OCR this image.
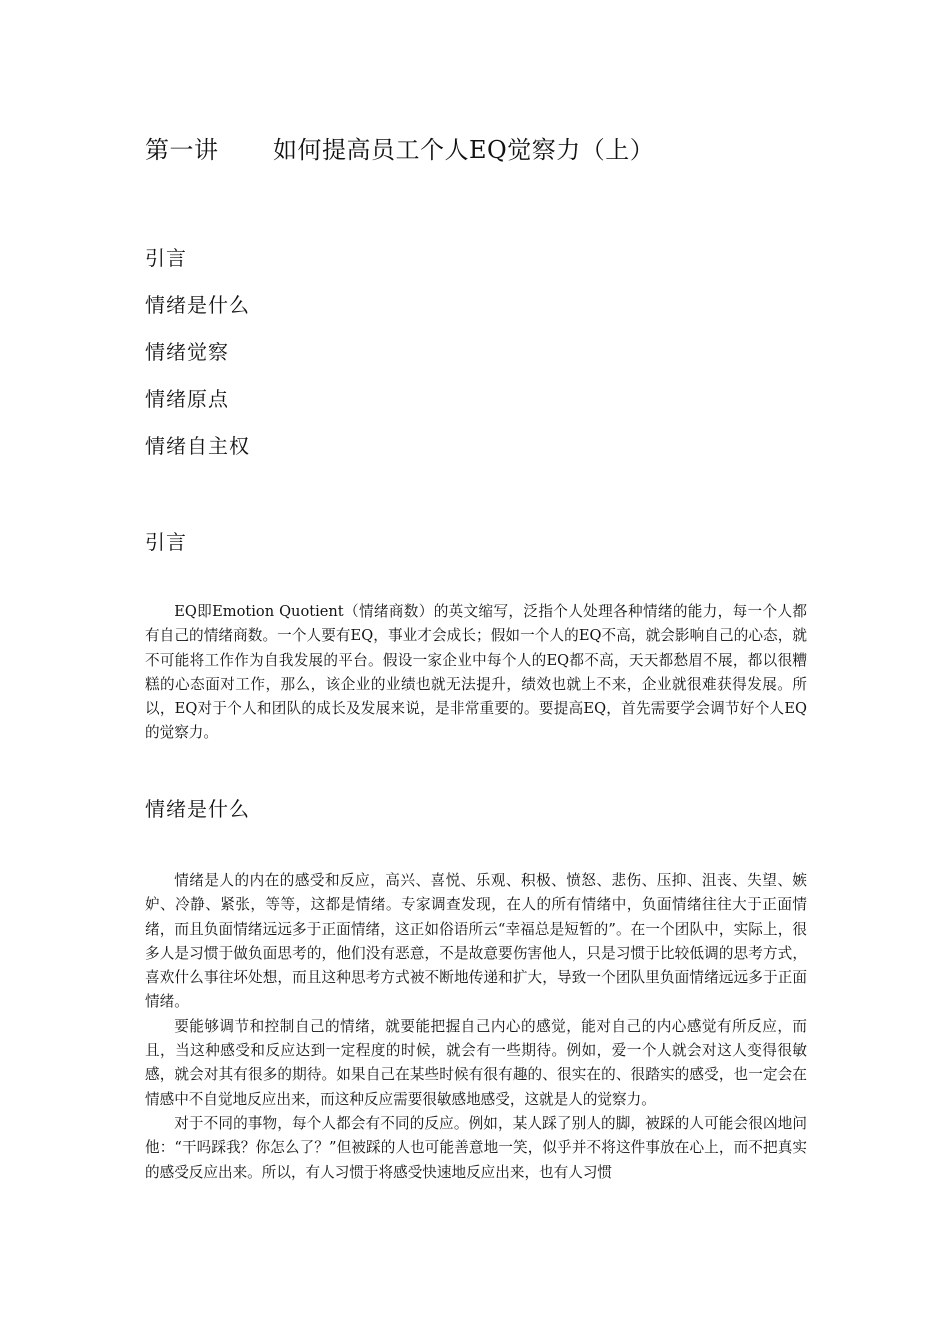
第一讲 如何提高员工个人EQ觉察力（上）
引言
情绪是什么
情绪觉察
情绪原点
情绪自主权
引言

EQ即Emotion Quotient（情绪商数）的英文缩写，泛指个人处理各种情绪的能力，每一个人都有自己的情绪商数。一个人要有EQ，事业才会成长；假如一个人的EQ不高，就会影响自己的心态，就不可能将工作作为自我发展的平台。假设一家企业中每个人的EQ都不高，天天都愁眉不展，都以很糟糕的心态面对工作，那么，该企业的业绩也就无法提升，绩效也就上不来，企业就很难获得发展。所以，EQ对于个人和团队的成长及发展来说，是非常重要的。要提高EQ，首先需要学会调节好个人EQ的觉察力。

情绪是什么

情绪是人的内在的感受和反应，高兴、喜悦、乐观、积极、愤怒、悲伤、压抑、沮丧、失望、嫉妒、冷静、紧张，等等，这都是情绪。专家调查发现，在人的所有情绪中，负面情绪往往大于正面情绪，而且负面情绪远远多于正面情绪，这正如俗语所云“幸福总是短暂的”。在一个团队中，实际上，很多人是习惯于做负面思考的，他们没有恶意，不是故意要伤害他人，只是习惯于比较低调的思考方式，喜欢什么事往坏处想，而且这种思考方式被不断地传递和扩大，导致一个团队里负面情绪远远多于正面情绪。

要能够调节和控制自己的情绪，就要能把握自己内心的感觉，能对自己的内心感觉有所反应，而且，当这种感受和反应达到一定程度的时候，就会有一些期待。例如，爱一个人就会对这人变得很敏感，就会对其有很多的期待。如果自己在某些时候有很有趣的、很实在的、很踏实的感受，也一定会在情感中不自觉地反应出来，而这种反应需要很敏感地感受，这就是人的觉察力。

对于不同的事物，每个人都会有不同的反应。例如，某人踩了别人的脚，被踩的人可能会很凶地问他：“干吗踩我？你怎么了？”但被踩的人也可能善意地一笑，似乎并不将这件事放在心上，而不把真实的感受反应出来。所以，有人习惯于将感受快速地反应出来，也有人习惯
